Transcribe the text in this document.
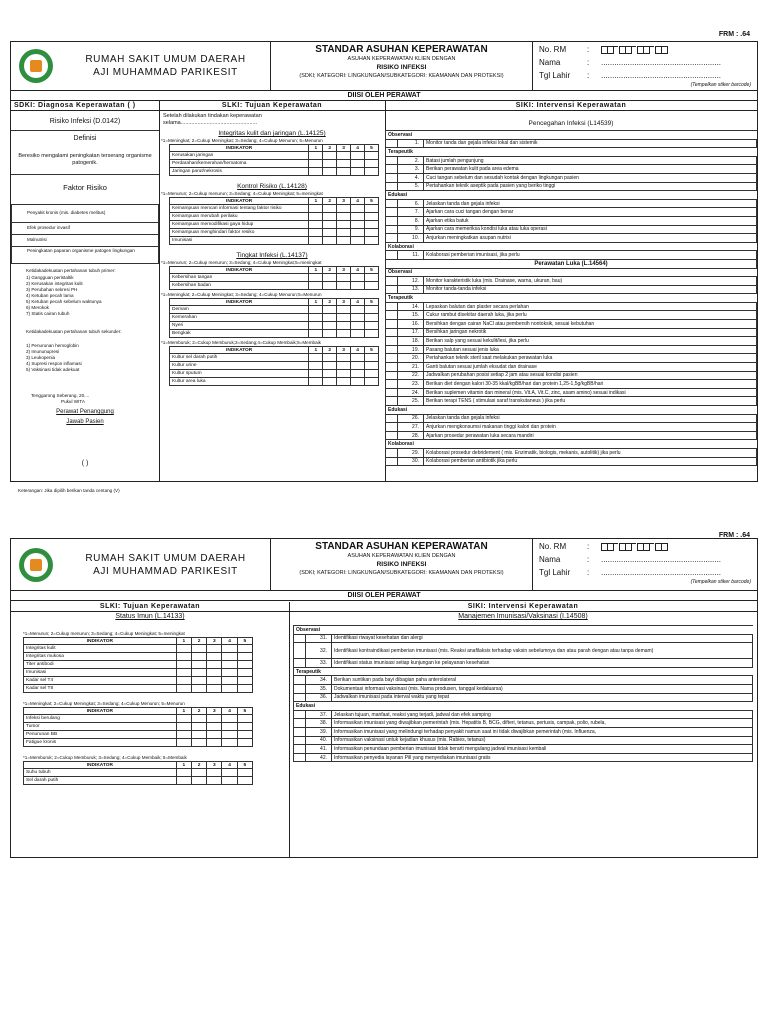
FRM : .64
RUMAH SAKIT UMUM DAERAH
AJI MUHAMMAD PARIKESIT
STANDAR ASUHAN KEPERAWATAN
ASUHAN KEPERAWATAN KLIEN DENGAN
RISIKO INFEKSI
(SDKI; KATEGORI: LINGKUNGAN/SUBKATEGORI: KEAMANAN DAN PROTEKSI)
No. RM	:
Nama	:	......................................................
Tgl Lahir	:	......................................................
(Tempelkan stiker barcode)
DIISI OLEH PERAWAT
SDKI: Diagnosa Keperawatan ( )	SLKI: Tujuan Keperawatan	SIKI: Intervensi Keperawatan
Risiko Infeksi (D.0142)
Definisi
Beresiko mengalami peningkatan terserang organisme patogenik.
Faktor Risiko
Penyakit kronis (mis. diabetes melitus)
Efek prosedur invasif
Malnutrisi
Peningkatan paparan organisme patogen lingkungan
Ketidakadekuatan pertahanan tubuh primer:
1) Gangguan peristaltik
2) Kerusakan integritas kulit
3) Perubahan sekresi PH
4) Ketuban pecah lama
5) Ketuban pecah sebelum waktunya
6) Merokok
7) Statis cairan tubuh
Ketidakadekuatan pertahanan tubuh sekunder:
1) Penurunan hemoglobin
2) Imununupresi
3) Leukopenia
4) Supresi respon inflamasi
5) Vaksinasi tidak adekuat
Tenggarong Seberang, 20....
Pukul WITA
Perawat Penanggung
Jawab Pasien
( )
Setelah dilakukan tindakan keperawatan
selama..................................................
Integritas kulit dan jaringan (L.14125)
*1=Meningkat; 2=Cukup Meningkat; 3=Sedang; 4=Cukup Menurun; 5=Menurun
INDIKATOR	1	2	3	4	5
Kerusakan jaringan					
Perdarahan/kemerahan/hematoma					
Jaringan parut/nekrosis					
Kontrol Risiko (L.14128)
*1=Menurun; 2=Cukup menurun; 3=Sedang; 4=Cukup Meningkat; 5=meningkat
INDIKATOR	1	2	3	4	5
Kemampuan mencari informasi tentang faktor risiko					
Kemampuan merubah perilaku					
Kemampuan memodifikasi gaya hidup					
Kemampuan menghindari faktor resiko					
Imunisasi					
Tingkat Infeksi (L.14137)
*1=Menurun; 2=Cukup menurun; 3=Sedang; 4=Cukup Meningkat;5=meningkat
INDIKATOR	1	2	3	4	5
Kebersihan tangan					
Kebersihan badan					
*1=Meningkat; 2=Cukup Meningkat; 3=Sedang; 4=Cukup Menurun;5=Menurun
INDIKATOR	1	2	3	4	5
Demam					
Kemerahan					
Nyeri					
Bengkak					
*1=Memburuk; 2=Cukup Memburuk;3=Sedang;4=Cukup Membaik;5=Membaik
INDIKATOR	1	2	3	4	5
Kultur sel darah putih					
Kultur urine					
Kultur sputum					
Kultur area luka					
Pencegahan Infeksi (L14539)
Observasi		
	1.	Monitor tanda dan gejala infeksi lokal dan sistemik
Terapeutik		
	2.	Batasi jumlah pengunjung
	3.	Berikan perawatan kulit pada area edema
	4.	Cuci tangan sebelum dan sesudah kontak dengan lingkungan pasien
	5.	Pertahankan teknik aseptik pada pasien yang beriko tinggi
Edukasi		
	6.	Jelaskan tanda dan gejala infeksi
	7.	Ajarkan cara cuci tangan dengan benar
	8.	Ajarkan etika batuk
	9.	Ajarkan cara memeriksa kondisi luka atau luka operasi
	10.	Anjurkan meningkatkan asupan nutrisi
Kolaborasi		
	11.	Kolaborasi pemberian imunisasi, jika perlu
Perawatan Luka (L.14564)		
Observasi		
	12.	Monitor karakteristik luka (mis. Drainase, warna, ukuran, bau)
	13.	Monitor tanda-tanda infeksi
Terapeutik		
	14.	Lepaskan balutan dan plaster secara perlahan
	15.	Cukur rambut disekitar daerah luka, jika perlu
	16.	Bersihkan dengan cairan NaCl atau pembersih nontoksik, sesuai kebutuhan
	17.	Bersihkan jaringan nekrotik
	18.	Berikan salp yang sesuai kekulit/lesi, jika perlu
	19.	Pasang balutan sesuai jenis luka
	20.	Pertahankan teknik steril saat melakukan perawatan luka
	21.	Ganti balutan sesuai jumlah eksudat dan drainase
	22.	Jadwalkan perubahan posisi setiap 2 jam atau sesuai kondisi pasien
	23.	Berikan diet dengan kalori 30-35 kkal/kgBB/hari dan protein 1,25-1,5g/kgBB/hari
	24.	Berikan suplemen vitamin dan mineral (mis. Vit.A, Vit.C, zinc, asam amino) sesuai indikasi
	25.	Berikan terapi TENS ( stimulasi saraf transkutaneus ) jika perlu
Edukasi		
	26.	Jelaskan tanda dan gejala infeksi
	27.	Anjurkan mengkonsumsi makanan tinggi kalori dan protein
	28.	Ajarkan prosedur perawatan luka secara mandiri
Kolaborasi		
	29.	Kolaborasi prosedur debridement ( mis. Enzimatik, biologis, mekanis, autolitik) jika perlu
	30.	Kolaborasi pemberian antibiotik jika perlu
Keterangan: Jika dipilih berikan tanda centang (V)
FRM : .64
RUMAH SAKIT UMUM DAERAH
AJI MUHAMMAD PARIKESIT
STANDAR ASUHAN KEPERAWATAN
ASUHAN KEPERAWATAN KLIEN DENGAN
RISIKO INFEKSI
(SDKI; KATEGORI: LINGKUNGAN/SUBKATEGORI: KEAMANAN DAN PROTEKSI)
No. RM	:
Nama	:	......................................................
Tgl Lahir	:	......................................................
(Tempelkan stiker barcode)
DIISI OLEH PERAWAT
SLKI: Tujuan Keperawatan	SIKI: Intervensi Keperawatan
Status Imun (L.14133)	Manajemen Imunisasi/Vaksinasi (I.14508)
*1=Menurun; 2=Cukup menurun; 3=Sedang; 4=Cukup Meningkat; 5=meningkat
INDIKATOR	1	2	3	4	5
Integritas kulit					
Integritas mukosa					
Titer antibodi					
Imunisasi					
Kadar sel T4					
Kadar sel T8					
*1=Meningkat; 2=Cukup Meningkat; 3=Sedang; 4=Cukup Menurun; 5=Menurun
INDIKATOR	1	2	3	4	5
Infeksi berulang					
Tumor					
Penurunan BB					
Fatigue kronis					
*1=Memburuk; 2=Cukup Memburuk; 3=Sedang; 4=Cukup Membaik; 5=Membaik
INDIKATOR	1	2	3	4	5
Suhu tubuh					
Sel darah putih					
Observasi		
	31.	Identifikasi riwayat kesehatan dan alergi
	32.	Identifikasi kontraindikasi pemberian imunisasi (mis. Reaksi anafilaksis terhadap vaksin sebelumnya dan atau parah dengan atau tanpa demam)
	33.	Identifikasi status imunisasi setiap kunjungan ke pelayanan kesehatan
Terapeutik		
	34.	Berikan suntikan pada bayi dibagian paha anterolateral
	35.	Dokumentasi informasi vaksinasi (mis. Nama produsen, tanggal kedaluarsa)
	36.	Jadwalkan imunisasi pada interval waktu yang tepat
Edukasi		
	37.	Jelaskan tujuan, manfaat, reaksi yang terjadi, jadwal dan efek samping
	38.	Informasikan imunisasi yang diwajibkan pemerintah (mis. Hepatitis B, BCG, difteri, tetanus, pertusis, campak, polio, rubela,
	39.	Informasikan imunisasi yang melindungi terhadap penyakit namun saat ini tidak diwajibkan pemerintah (mis. Influenza,
	40.	Informasikan vaksinasi untuk kejadian khusus (mis. Rabies, tetanus)
	41.	Informasikan penundaan pemberian imunisasi tidak berarti mengulang jadwal imunisasi kembali
	42.	Informasikan penyedia layanan Pill yang menyediakan imunisasi gratis
